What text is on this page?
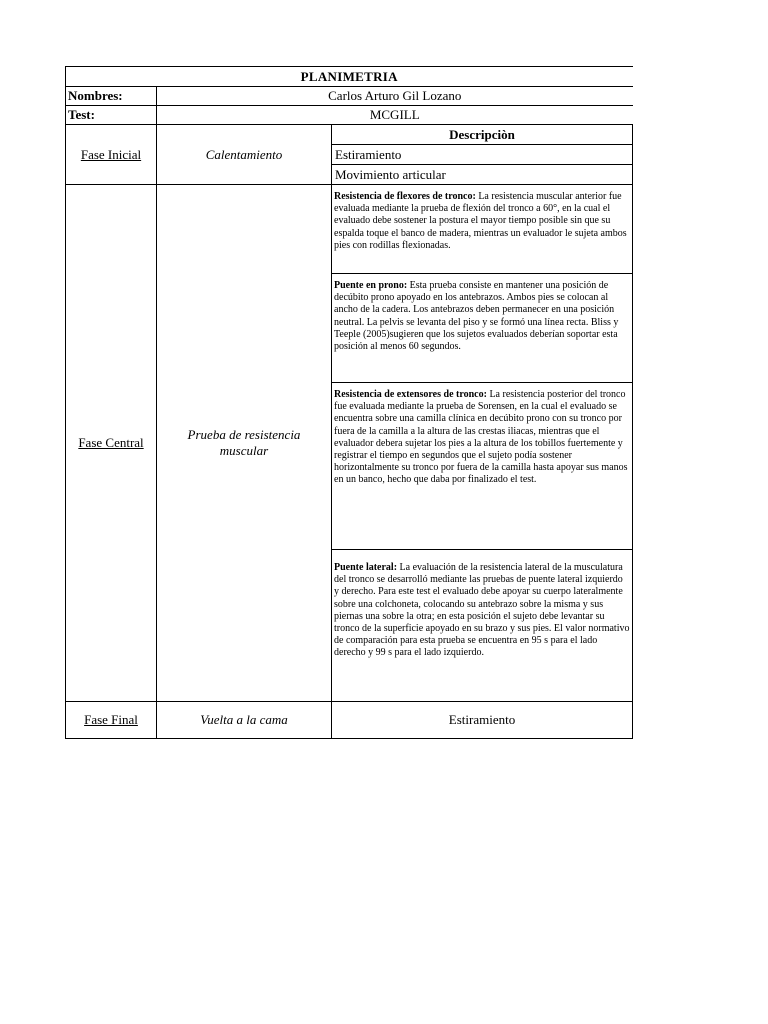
PLANIMETRIA		
Nombres:	Carlos Arturo Gil Lozano	
Test:	MCGILL	
Fase Inicial	Calentamiento	Descripciòn
		Estiramiento
		Movimiento articular
Fase Central	Prueba de resistencia muscular	Resistencia de flexores de tronco: La resistencia muscular anterior fue evaluada mediante la prueba de flexión del tronco a 60°, en la cual el evaluado debe sostener la postura el mayor tiempo posible sin que su espalda toque el banco de madera, mientras un evaluador le sujeta ambos pies con rodillas flexionadas.
		Puente en prono: Esta prueba consiste en mantener una posición de decúbito prono apoyado en los antebrazos. Ambos pies se colocan al ancho de la cadera. Los antebrazos deben permanecer en una posición neutral. La pelvis se levanta del piso y se formó una línea recta. Bliss y Teeple (2005)sugieren que los sujetos evaluados deberían soportar esta posición al menos 60 segundos.
		Resistencia de extensores de tronco: La resistencia posterior del tronco fue evaluada mediante la prueba de Sorensen, en la cual el evaluado se encuentra sobre una camilla clínica en decúbito prono con su tronco por fuera de la camilla a la altura de las crestas iliacas, mientras que el evaluador debera sujetar los pies a la altura de los tobillos fuertemente y registrar el tiempo en segundos que el sujeto podía sostener horizontalmente su tronco por fuera de la camilla hasta apoyar sus manos en un banco, hecho que daba por finalizado el test.
		Puente lateral: La evaluación de la resistencia lateral de la musculatura del tronco se desarrolló mediante las pruebas de puente lateral izquierdo y derecho. Para este test el evaluado debe apoyar su cuerpo lateralmente sobre una colchoneta, colocando su antebrazo sobre la misma y sus piernas una sobre la otra; en esta posición el sujeto debe levantar su tronco de la superficie apoyado en su brazo y sus pies. El valor normativo de comparación para esta prueba se encuentra en 95 s para el lado derecho y 99 s para el lado izquierdo.
Fase Final	Vuelta a la cama	Estiramiento
